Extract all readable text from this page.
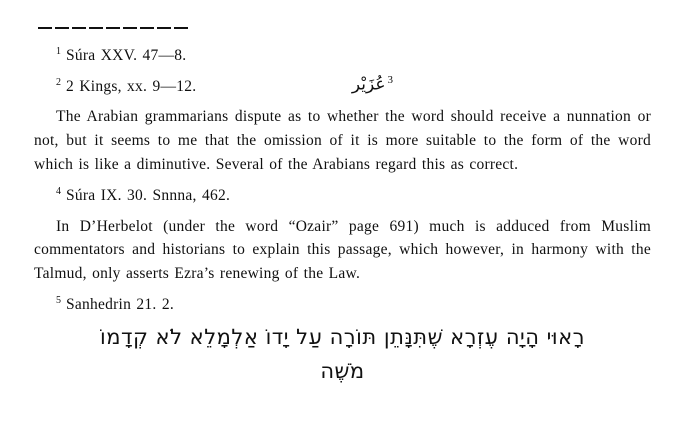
$^1$ Súra XXV. 47—8.
$^2$ 2 Kings, xx. 9—12.	$^3$عُزَيْر
The Arabian grammarians dispute as to whether the word should receive a nunnation or not, but it seems to me that the omission of it is more suitable to the form of the word which is like a diminutive. Several of the Arabians regard this as correct.
$^4$ Súra IX. 30. Snnna, 462.
In D’Herbelot (under the word “Ozair” page 691) much is adduced from Muslim commentators and historians to explain this passage, which however, in harmony with the Talmud, only asserts Ezra’s renewing of the Law.
$^5$ Sanhedrin 21. 2.
רָאוּי הָיָה עֶזְרָא שֶׁתִּנָּתֵן תּוֹרָה עַל יָדוֹ אַלְמָלֵא לֹא קְדָמוֹ
מֹשֶׁה
